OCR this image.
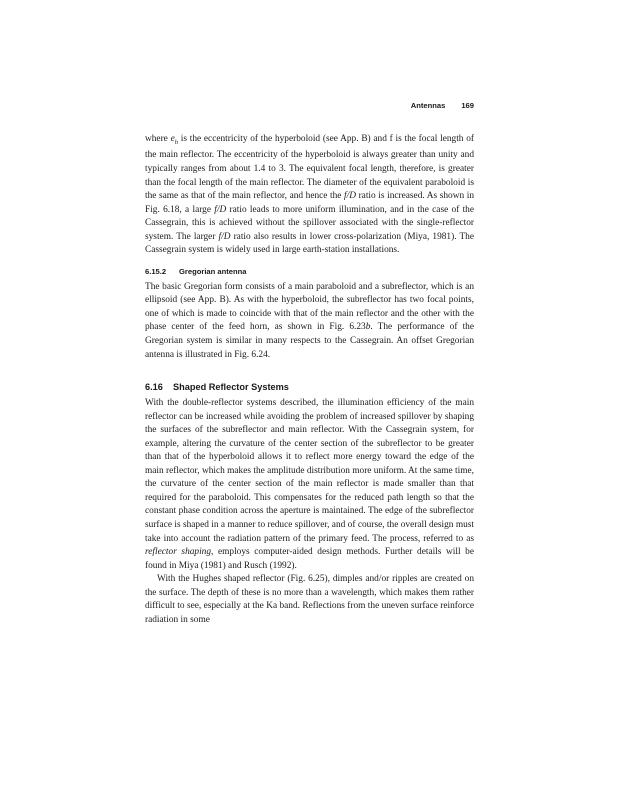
Antennas 169

where $e_h$ is the eccentricity of the hyperboloid (see App. B) and f is the focal length of the main reflector. The eccentricity of the hyperboloid is always greater than unity and typically ranges from about 1.4 to 3. The equivalent focal length, therefore, is greater than the focal length of the main reflector. The diameter of the equivalent paraboloid is the same as that of the main reflector, and hence the f/D ratio is increased. As shown in Fig. 6.18, a large f/D ratio leads to more uniform illumination, and in the case of the Cassegrain, this is achieved without the spillover associated with the single-reflector system. The larger f/D ratio also results in lower cross-polarization (Miya, 1981). The Cassegrain system is widely used in large earth-station installations.

6.15.2 Gregorian antenna

The basic Gregorian form consists of a main paraboloid and a subreflector, which is an ellipsoid (see App. B). As with the hyperboloid, the subreflector has two focal points, one of which is made to coincide with that of the main reflector and the other with the phase center of the feed horn, as shown in Fig. 6.23b. The performance of the Gregorian system is similar in many respects to the Cassegrain. An offset Gregorian antenna is illustrated in Fig. 6.24.

6.16 Shaped Reflector Systems

With the double-reflector systems described, the illumination efficiency of the main reflector can be increased while avoiding the problem of increased spillover by shaping the surfaces of the subreflector and main reflector. With the Cassegrain system, for example, altering the curvature of the center section of the subreflector to be greater than that of the hyperboloid allows it to reflect more energy toward the edge of the main reflector, which makes the amplitude distribution more uniform. At the same time, the curvature of the center section of the main reflector is made smaller than that required for the paraboloid. This compensates for the reduced path length so that the constant phase condition across the aperture is maintained. The edge of the subreflector surface is shaped in a manner to reduce spillover, and of course, the overall design must take into account the radiation pattern of the primary feed. The process, referred to as reflector shaping, employs computer-aided design methods. Further details will be found in Miya (1981) and Rusch (1992).

With the Hughes shaped reflector (Fig. 6.25), dimples and/or ripples are created on the surface. The depth of these is no more than a wavelength, which makes them rather difficult to see, especially at the Ka band. Reflections from the uneven surface reinforce radiation in some
